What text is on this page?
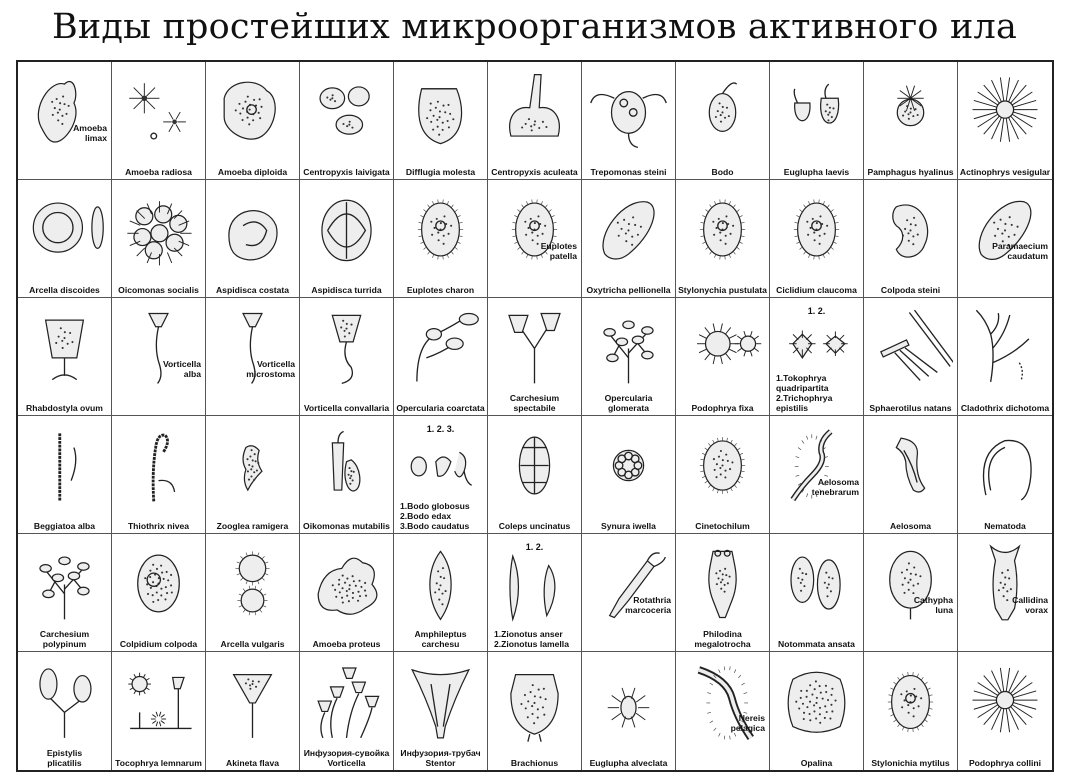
Виды простейших микроорганизмов активного ила
Amoeba
limax
Amoeba radiosa	Amoeba diploida	Centropyxis laivigata	Difflugia molesta	Centropyxis aculeata	Trepomonas steini	Bodo	Euglupha laevis	Pamphagus hyalinus Actinophrys vesigular
Arcella discoides	Oicomonas socialis	Aspidisca costata	Aspidisca turrida	Euplotes charon
Euplotes
patella
Oxytricha pellionella Stylonychia pustulata	Ciclidium claucoma	Colpoda steini
Paramaecium
caudatum
Rhabdostyla ovum
Vorticella
alba
Vorticella
microstoma
Vorticella convallaria Opercularia coarctata
Carchesium spectabile
Opercularia glomerata	Podophrya fixa
1. 2.
1.Tokophrya quadripartita
2.Trichophrya epistilis	Sphaerotilus natans	Cladothrix dichotoma
Beggiatoa alba	Thiothrix nivea	Zooglea ramigera	Oikomonas mutabilis
1. 2. 3.
1.Bodo globosus
2.Bodo edax
3.Bodo caudatus	Coleps uncinatus	Synura iwella	Cinetochilum
Aelosoma
tenebrarum
Aelosoma	Nematoda
Carchesium
polypinum	Colpidium colpoda	Arcella vulgaris	Amoeba proteus
Amphileptus carchesu
1. 2.
1.Zionotus anser
2.Zionotus lamella
Rotathria
marcoceria
Philodina
megalotrocha	Notommata ansata
Cathypha
luna
Callidina
vorax
Epistylis
plicatilis	Tocophrya lemnarum	Akineta flava
Инфузория-сувойка
Vorticella
Инфузория-трубач
Stentor	Brachionus	Euglupha alveclata
Nereis
pelagica
Opalina	Stylonichia mytilus	Podophrya collini
